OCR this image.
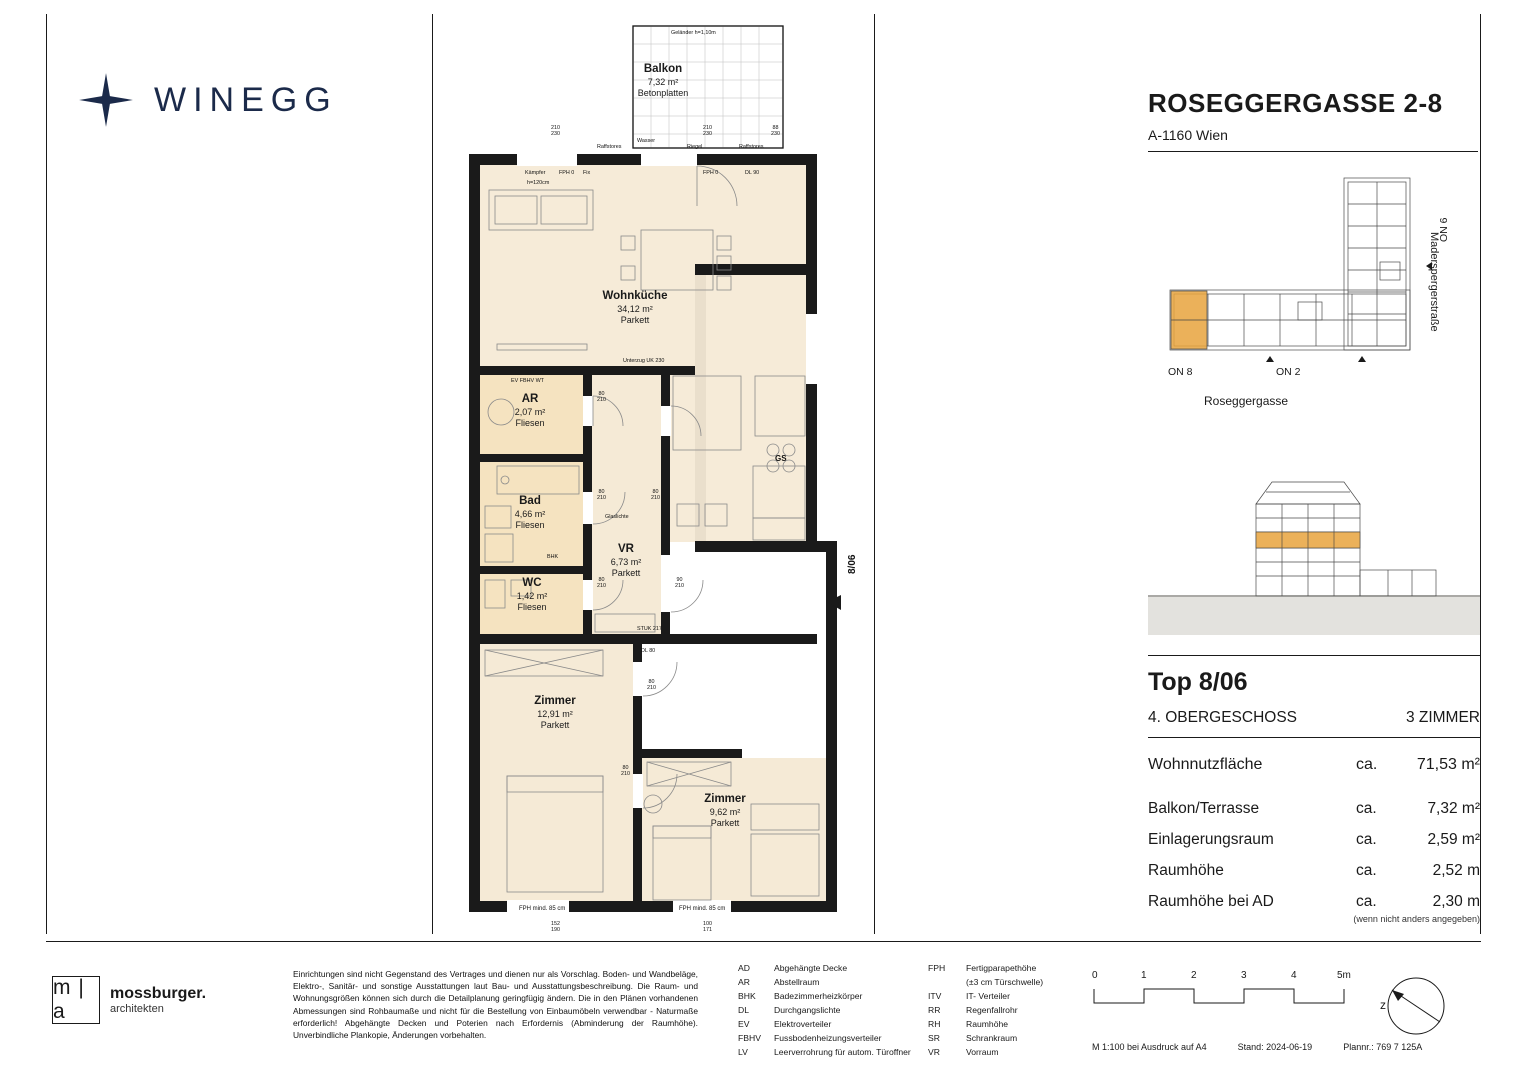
WINEGG	ROSEGGERGASSE 2-8
A-1160 Wien
ON 8	ON 2
ON 6
Roseggergasse
Maderspergerstraße
Top 8/06
4. OBERGESCHOSS	3 ZIMMER
Wohnnutzfläche	ca.	71,53 m²
Balkon/Terrasse	ca.	7,32 m²
Einlagerungsraum	ca.	2,59 m²
Raumhöhe	ca.	2,52 m
Raumhöhe bei AD	ca.	2,30 m
(wenn nicht anders angegeben)
Balkon
7,32 m²
Betonplatten
Wohnküche
34,12 m²
Parkett
AR
2,07 m²
Fliesen
Bad
4,66 m²
Fliesen
WC
1,42 m²
Fliesen
VR
6,73 m²
Parkett
Zimmer
12,91 m²
Parkett
Zimmer
9,62 m²
Parkett
8/06
Geländer h=1,10m
Wasser
Raffstores	Riegel	Raffstores
Kämpfer	FPH 0 Fix
h=120cm
FPH 0	DL 90
Unterzug UK 230
EV FBHV WT
GS
Glaslichte
BHK
STUK 217
DL 80
FPH mind. 85 cm	FPH mind. 85 cm
80
210
80
210
80
210
80
210
90
210
80
210
80
210
210
230
210
230
88
230
152
190
100
171
m | a
mossburger.
architekten
Einrichtungen sind nicht Gegenstand des Vertrages und dienen nur als Vorschlag. Boden- und Wandbeläge, Elektro-, Sanitär- und sonstige Ausstattungen laut Bau- und Ausstattungsbeschreibung. Die Raum- und Wohnungsgrößen können sich durch die Detailplanung geringfügig ändern. Die in den Plänen vorhandenen Abmessungen sind Rohbaumaße und nicht für die Bestellung von Einbaumöbeln verwendbar - Naturmaße erforderlich! Abgehängte Decken und Poterien nach Erfordernis (Abminderung der Raumhöhe). Unverbindliche Plankopie, Änderungen vorbehalten.
AD	Abgehängte Decke
AR	Abstellraum
BHK	Badezimmerheizkörper
DL	Durchgangslichte
EV	Elektroverteiler
FBHV	Fussbodenheizungsverteiler
LV	Leerverrohrung für autom. Türoffner
FPH	Fertigparapethöhe
(±3 cm Türschwelle)
ITV	IT- Verteiler
RR	Regenfallrohr
RH	Raumhöhe
SR	Schrankraum
VR	Vorraum
0	1	2	3	4	5m
M 1:100 bei Ausdruck auf A4	Stand: 2024-06-19	Plannr.: 769 7 125A
z
